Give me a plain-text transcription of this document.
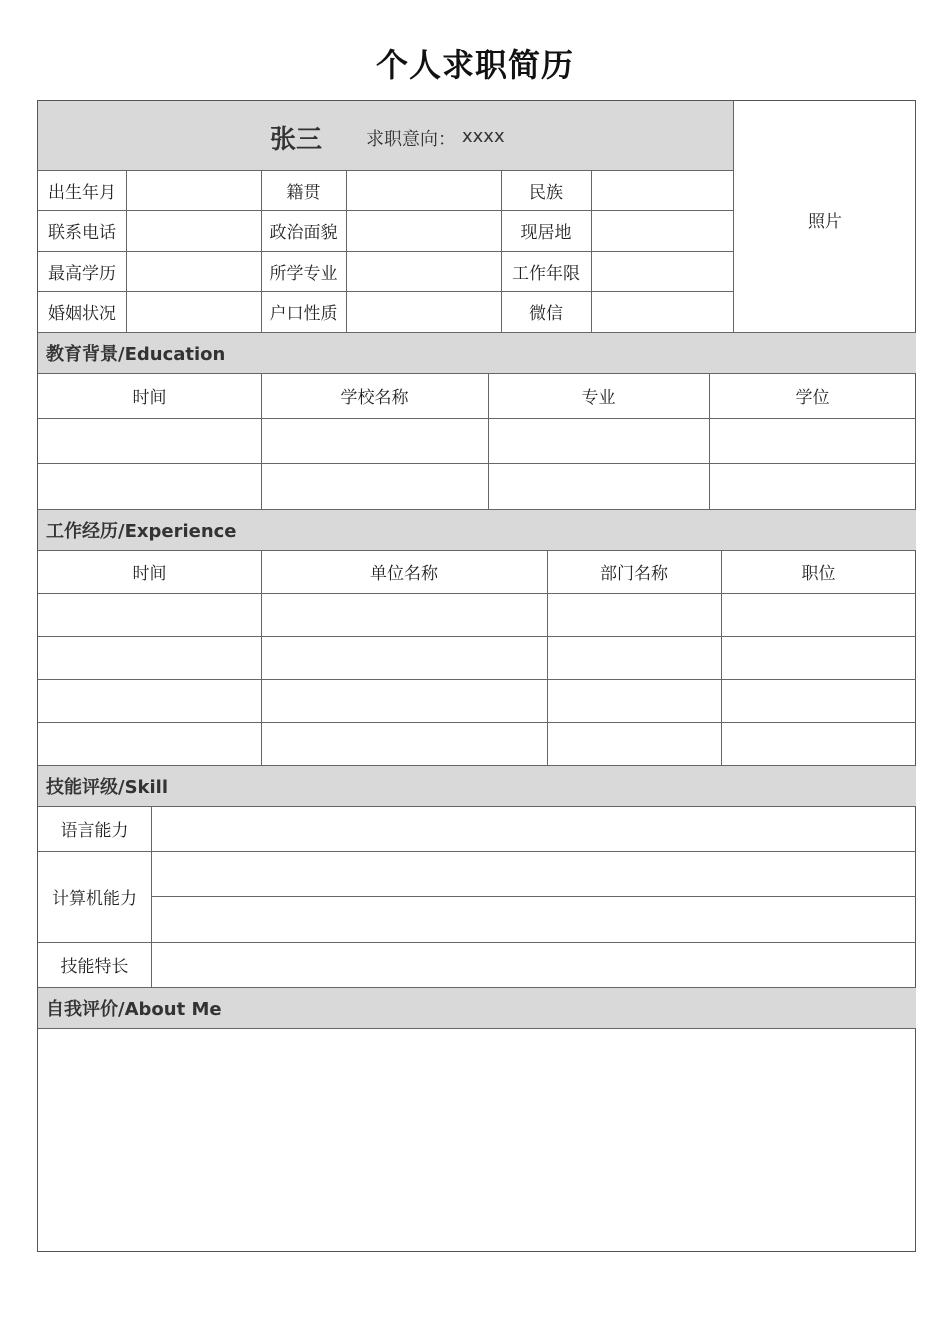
个人求职简历
张三 求职意向： xxxx
出生年月	籍贯	民族
联系电话	政治面貌	现居地
最高学历	所学专业	工作年限
婚姻状况	户口性质	微信
照片
教育背景/Education
时间	学校名称	专业	学位
工作经历/Experience
时间	单位名称	部门名称	职位
技能评级/Skill
语言能力
计算机能力
技能特长
自我评价/About Me
